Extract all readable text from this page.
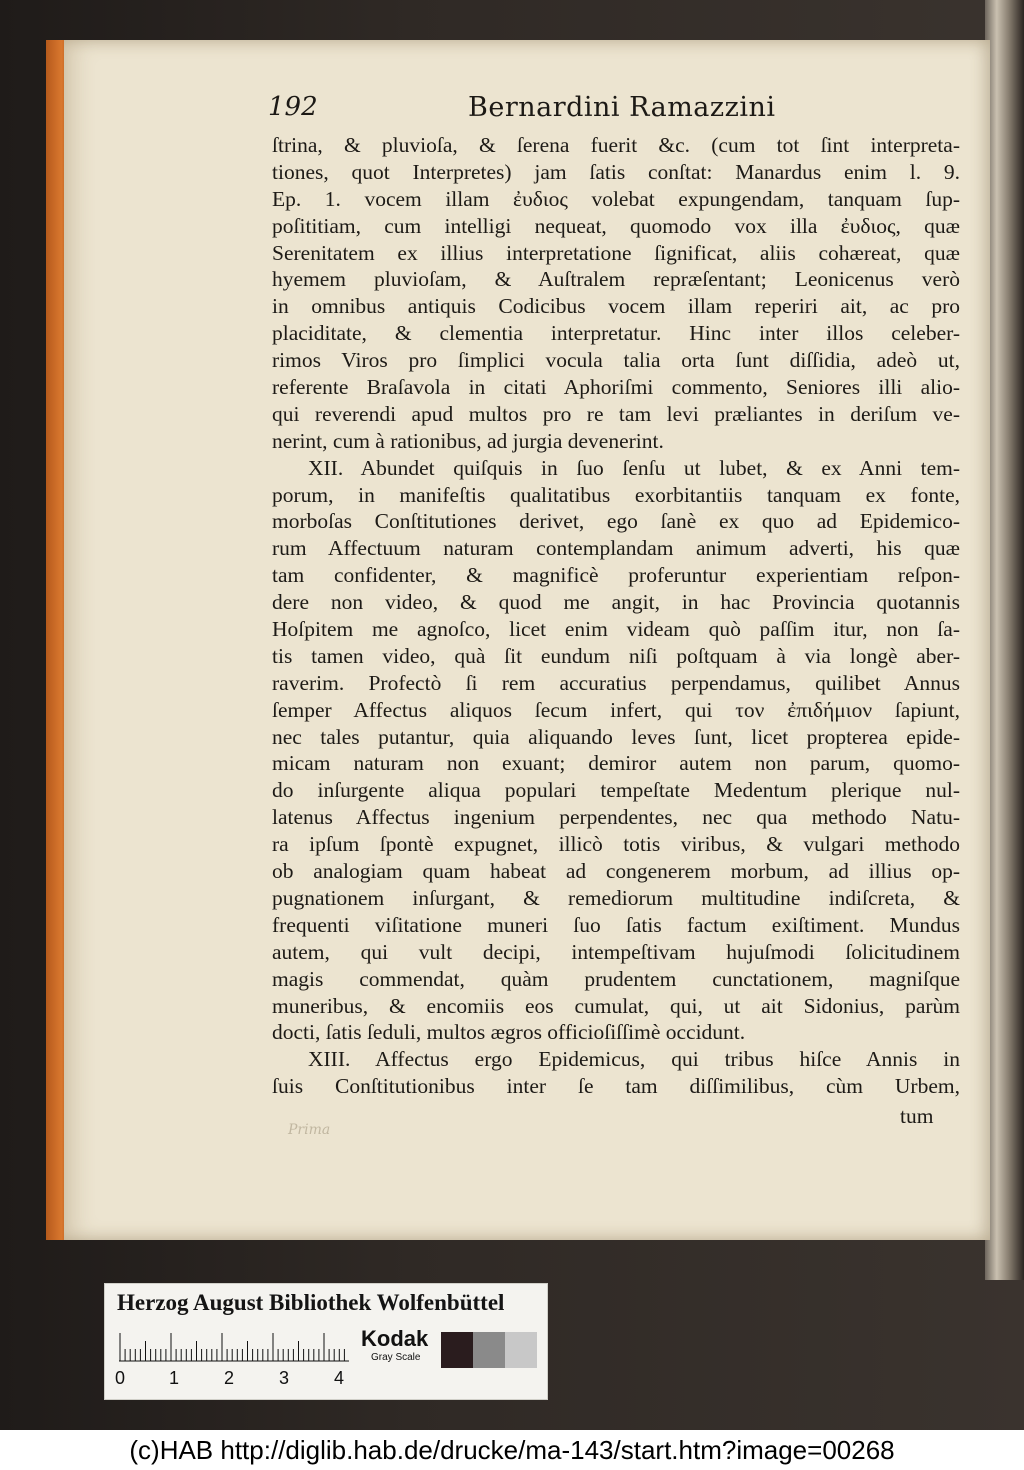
192	Bernardini Ramazzini
ſtrina, & pluvioſa, & ſerena fuerit &c. (cum tot ſint interpreta-
tiones, quot Interpretes) jam ſatis conſtat: Manardus enim l. 9.
Ep. 1. vocem illam ἐυδιος volebat expungendam, tanquam ſup-
poſititiam, cum intelligi nequeat, quomodo vox illa ἐυδιος, quæ
Serenitatem ex illius interpretatione ſignificat, aliis cohæreat, quæ
hyemem pluvioſam, & Auſtralem repræſentant; Leonicenus verò
in omnibus antiquis Codicibus vocem illam reperiri ait, ac pro
placiditate, & clementia interpretatur. Hinc inter illos celeber-
rimos Viros pro ſimplici vocula talia orta ſunt diſſidia, adeò ut,
referente Braſavola in citati Aphoriſmi commento, Seniores illi alio-
qui reverendi apud multos pro re tam levi præliantes in deriſum ve-
nerint, cum à rationibus, ad jurgia devenerint.
XII. Abundet quiſquis in ſuo ſenſu ut lubet, & ex Anni tem-
porum, in manifeſtis qualitatibus exorbitantiis tanquam ex fonte,
morboſas Conſtitutiones derivet, ego ſanè ex quo ad Epidemico-
rum Affectuum naturam contemplandam animum adverti, his quæ
tam confidenter, & magnificè proferuntur experientiam reſpon-
dere non video, & quod me angit, in hac Provincia quotannis
Hoſpitem me agnoſco, licet enim videam quò paſſim itur, non ſa-
tis tamen video, quà ſit eundum niſi poſtquam à via longè aber-
raverim. Profectò ſi rem accuratius perpendamus, quilibet Annus
ſemper Affectus aliquos ſecum infert, qui τον ἐπιδήμιον ſapiunt,
nec tales putantur, quia aliquando leves ſunt, licet propterea epide-
micam naturam non exuant; demiror autem non parum, quomo-
do inſurgente aliqua populari tempeſtate Medentum plerique nul-
latenus Affectus ingenium perpendentes, nec qua methodo Natu-
ra ipſum ſpontè expugnet, illicò totis viribus, & vulgari methodo
ob analogiam quam habeat ad congenerem morbum, ad illius op-
pugnationem inſurgant, & remediorum multitudine indiſcreta, &
frequenti viſitatione muneri ſuo ſatis factum exiſtiment. Mundus
autem, qui vult decipi, intempeſtivam hujuſmodi ſolicitudinem
magis commendat, quàm prudentem cunctationem, magniſque
muneribus, & encomiis eos cumulat, qui, ut ait Sidonius, parùm
docti, ſatis ſeduli, multos ægros officioſiſſimè occidunt.
XIII. Affectus ergo Epidemicus, qui tribus hiſce Annis in
ſuis Conſtitutionibus inter ſe tam diſſimilibus, cùm Urbem,
tum
Prima
Herzog August Bibliothek Wolfenbüttel
0 1 2 3 4
Kodak
Gray Scale
(c)HAB http://diglib.hab.de/drucke/ma-143/start.htm?image=00268
